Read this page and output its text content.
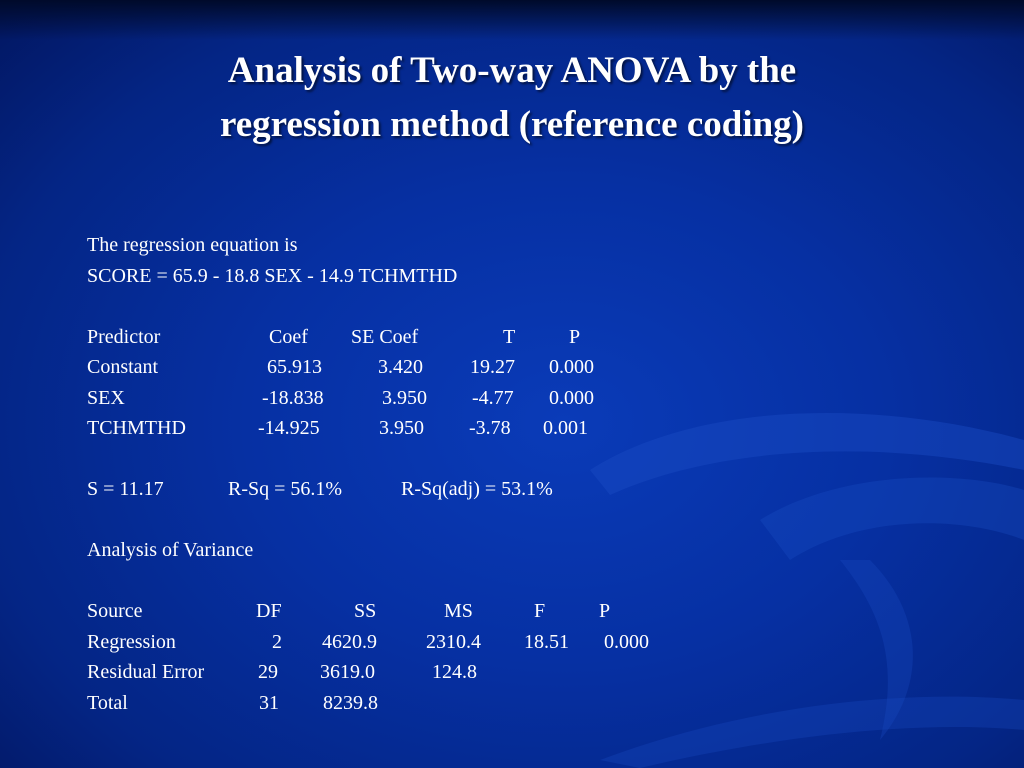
Analysis of Two-way ANOVA by the
regression method (reference coding)
The regression equation is
SCORE = 65.9 - 18.8 SEX - 14.9 TCHMTHD
Predictor	Coef SE Coef	T	P
Constant	65.913	3.420 19.27 0.000
SEX	-18.838	3.950 -4.77 0.000
TCHMTHD	-14.925	3.950 -3.78 0.001
S = 11.17	R-Sq = 56.1%	R-Sq(adj) = 53.1%
Analysis of Variance
Source	DF	SS	MS	F	P
Regression	2 4620.9 2310.4 18.51 0.000
Residual Error	29 3619.0	124.8
Total	31 8239.8
